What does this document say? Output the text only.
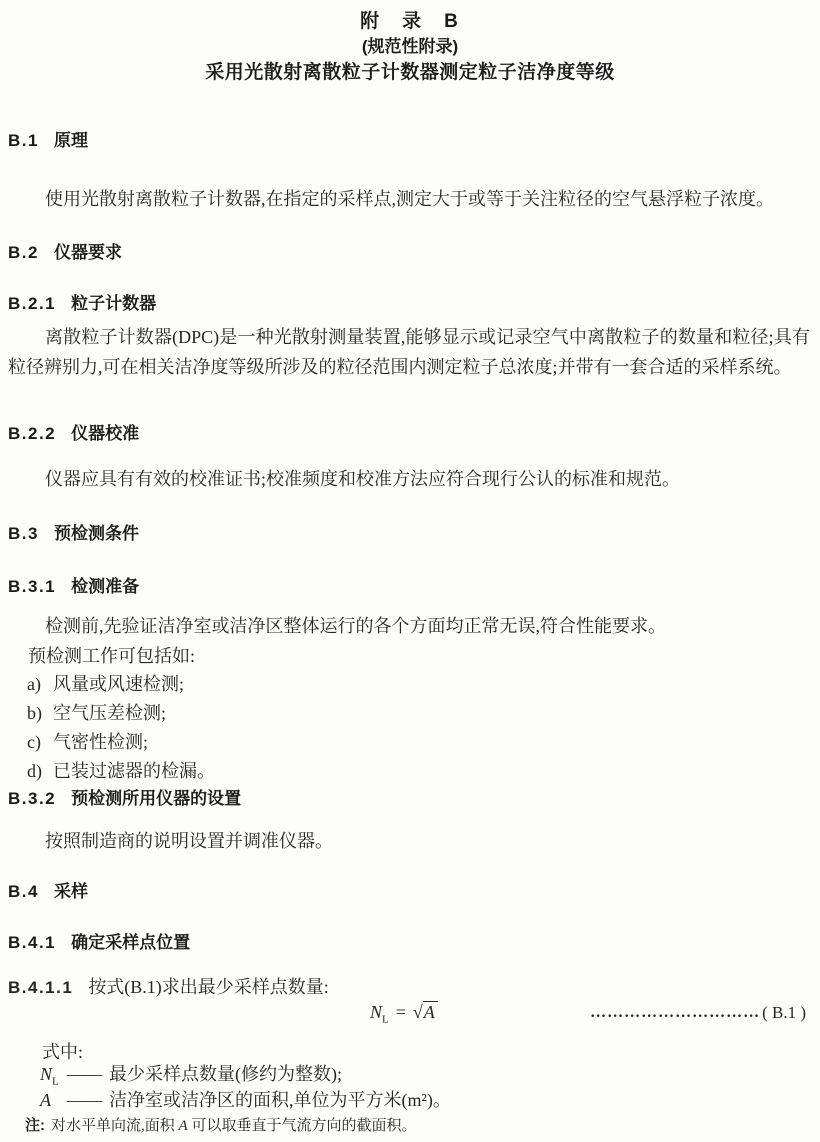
附　录　B
(规范性附录)
采用光散射离散粒子计数器测定粒子洁净度等级
B.1 原理
使用光散射离散粒子计数器,在指定的采样点,测定大于或等于关注粒径的空气悬浮粒子浓度。
B.2 仪器要求
B.2.1 粒子计数器
离散粒子计数器(DPC)是一种光散射测量装置,能够显示或记录空气中离散粒子的数量和粒径;具有粒径辨别力,可在相关洁净度等级所涉及的粒径范围内测定粒子总浓度;并带有一套合适的采样系统。
B.2.2 仪器校准
仪器应具有有效的校准证书;校准频度和校准方法应符合现行公认的标准和规范。
B.3 预检测条件
B.3.1 检测准备
检测前,先验证洁净室或洁净区整体运行的各个方面均正常无误,符合性能要求。
预检测工作可包括如:
a) 风量或风速检测;
b) 空气压差检测;
c) 气密性检测;
d) 已装过滤器的检漏。
B.3.2 预检测所用仪器的设置
按照制造商的说明设置并调准仪器。
B.4 采样
B.4.1 确定采样点位置
B.4.1.1 按式(B.1)求出最少采样点数量:
$N_L = √A$	………………………… ( B.1 )
式中:
$N_L$ —— 最少采样点数量(修约为整数);
A —— 洁净室或洁净区的面积,单位为平方米(m²)。
注: 对水平单向流,面积 A 可以取垂直于气流方向的截面积。
